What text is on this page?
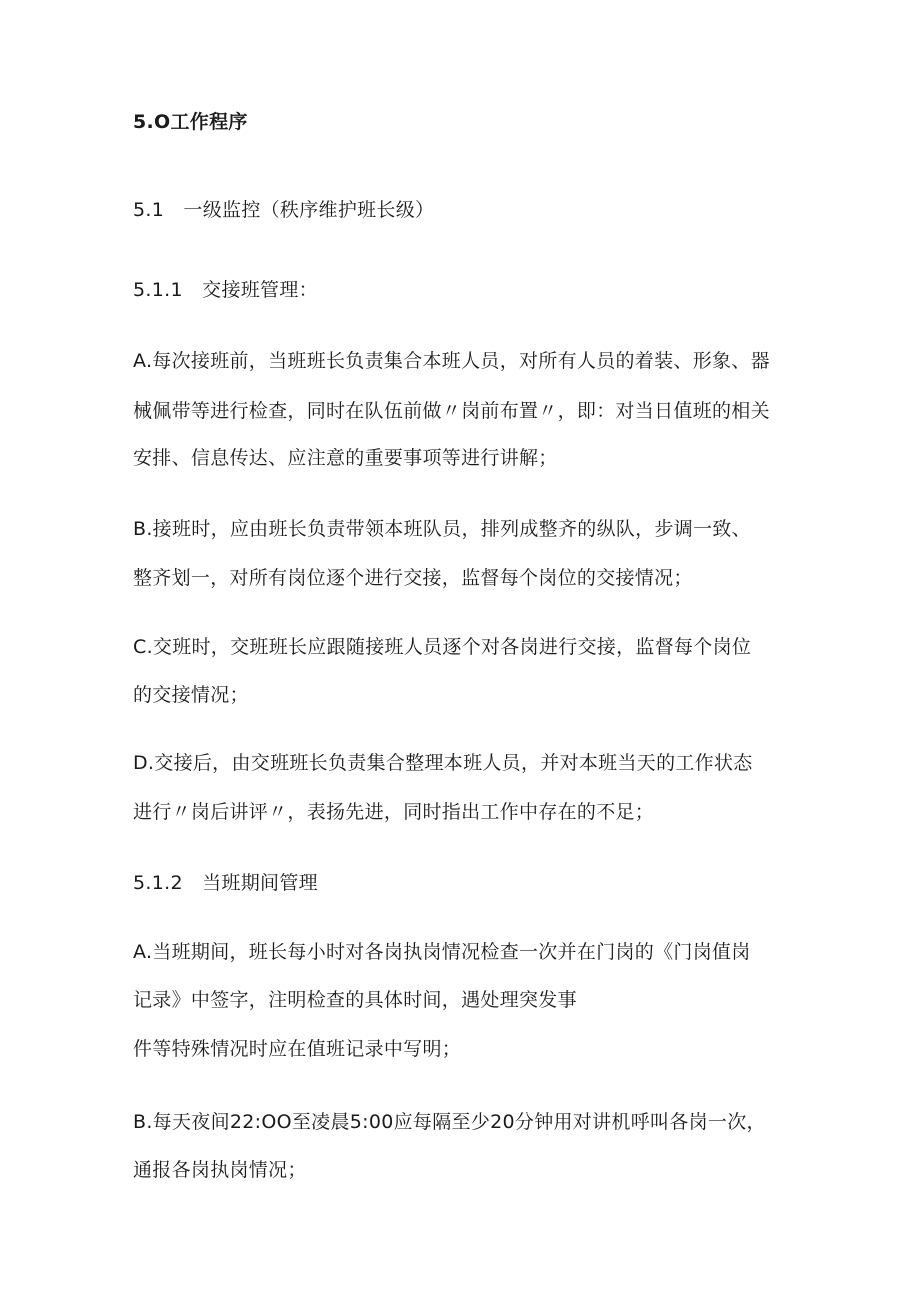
5.O工作程序
5.1　一级监控（秩序维护班长级）
5.1.1　交接班管理：
A.每次接班前，当班班长负责集合本班人员，对所有人员的着装、形象、器
械佩带等进行检查，同时在队伍前做〃岗前布置〃，即：对当日值班的相关
安排、信息传达、应注意的重要事项等进行讲解；
B.接班时，应由班长负责带领本班队员，排列成整齐的纵队，步调一致、
整齐划一，对所有岗位逐个进行交接，监督每个岗位的交接情况；
C.交班时，交班班长应跟随接班人员逐个对各岗进行交接，监督每个岗位
的交接情况；
D.交接后，由交班班长负责集合整理本班人员，并对本班当天的工作状态
进行〃岗后讲评〃，表扬先进，同时指出工作中存在的不足；
5.1.2　当班期间管理
A.当班期间，班长每小时对各岗执岗情况检查一次并在门岗的《门岗值岗
记录》中签字，注明检查的具体时间，遇处理突发事
件等特殊情况时应在值班记录中写明；
B.每天夜间22:OO至凌晨5:00应每隔至少20分钟用对讲机呼叫各岗一次，
通报各岗执岗情况；
